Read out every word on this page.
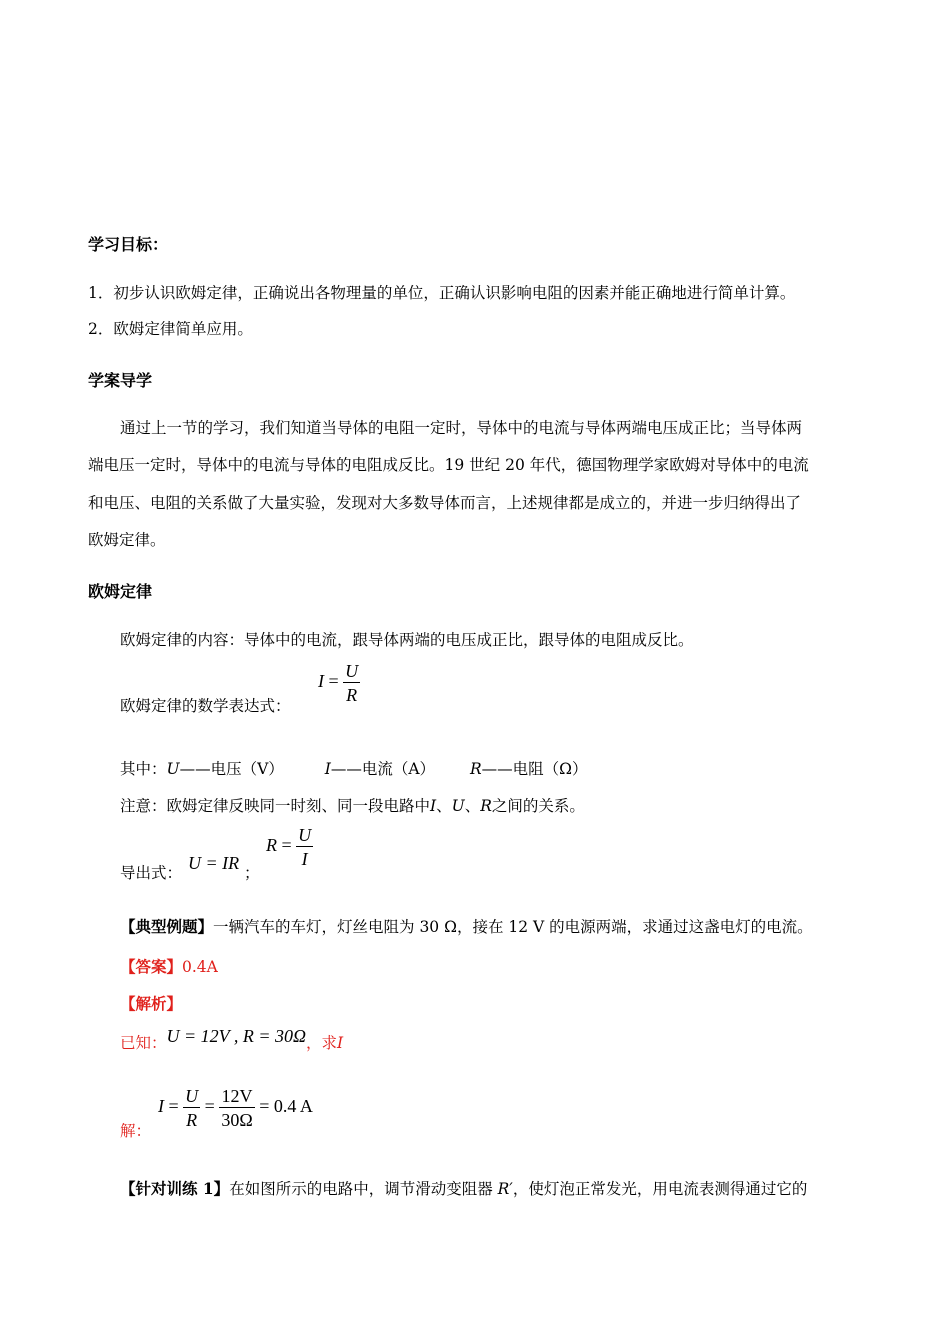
学习目标：
1．初步认识欧姆定律，正确说出各物理量的单位，正确认识影响电阻的因素并能正确地进行简单计算。
2．欧姆定律简单应用。
学案导学
通过上一节的学习，我们知道当导体的电阻一定时，导体中的电流与导体两端电压成正比；当导体两
端电压一定时，导体中的电流与导体的电阻成反比。19 世纪 20 年代，德国物理学家欧姆对导体中的电流
和电压、电阻的关系做了大量实验，发现对大多数导体而言，上述规律都是成立的，并进一步归纳得出了
欧姆定律。
欧姆定律
欧姆定律的内容：导体中的电流，跟导体两端的电压成正比，跟导体的电阻成反比。
欧姆定律的数学表达式：
$I = \frac{U}{R}$
其中：U——电压（V）	I——电流（A） R——电阻（Ω）
注意：欧姆定律反映同一时刻、同一段电路中I、U、R之间的关系。
导出式： U = IR ；
$R = \frac{U}{I}$
【典型例题】一辆汽车的车灯，灯丝电阻为 30 Ω，接在 12 V 的电源两端，求通过这盏电灯的电流。
【答案】0.4A
【解析】
已知：U = 12V , R = 30Ω，求I
解：
$I = \frac{U}{R} = \frac{12V}{30\Omega} = 0.4$ A
【针对训练 1】在如图所示的电路中，调节滑动变阻器 R′，使灯泡正常发光，用电流表测得通过它的
